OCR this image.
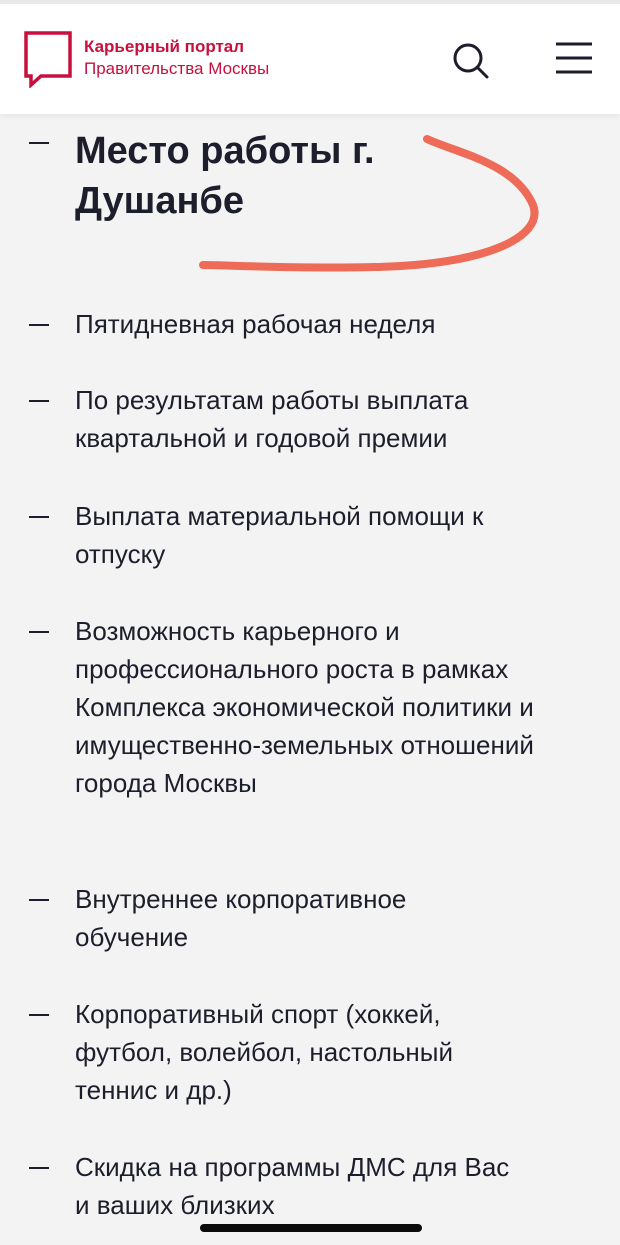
Место работы г. Душанбе
Пятидневная рабочая неделя
По результатам работы выплата квартальной и годовой премии
Выплата материальной помощи к отпуску
Возможность карьерного и профессионального роста в рамках Комплекса экономической политики и имущественно-земельных отношений города Москвы
Внутреннее корпоративное обучение
Корпоративный спорт (хоккей, футбол, волейбол, настольный теннис и др.)
Скидка на программы ДМС для Вас и ваших близких
Карьерный портал
Правительства Москвы
